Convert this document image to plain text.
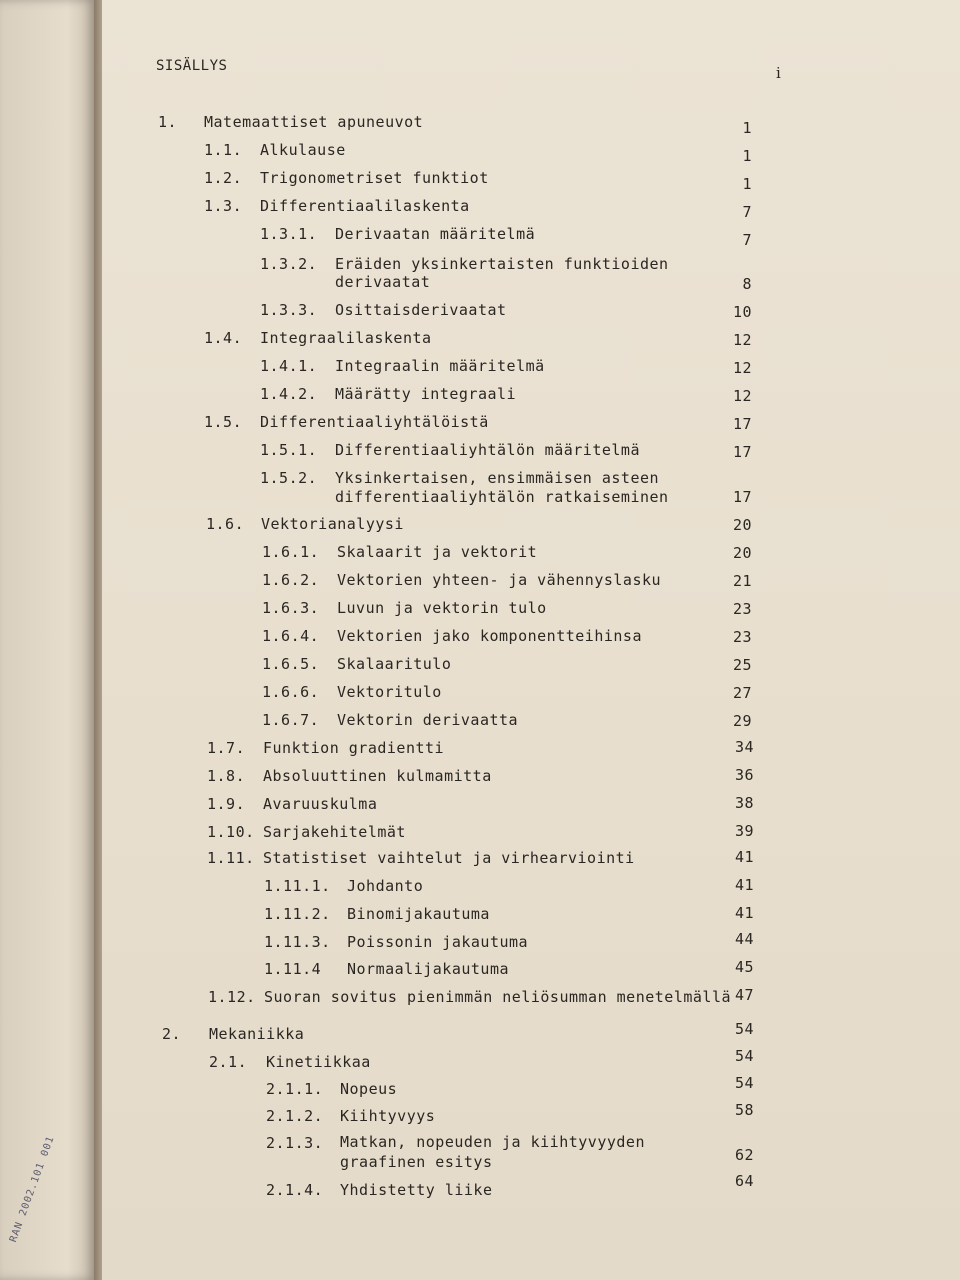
RAN 2002.101 001
SISÄLLYS	i
1. Matemaattiset apuneuvot	1
1.1. Alkulause	1
1.2. Trigonometriset funktiot	1
1.3. Differentiaalilaskenta	7
1.3.1. Derivaatan määritelmä	7
1.3.2. Eräiden yksinkertaisten funktioiden
derivaatat	8
1.3.3. Osittaisderivaatat	10
1.4. Integraalilaskenta	12
1.4.1. Integraalin määritelmä	12
1.4.2. Määrätty integraali	12
1.5. Differentiaaliyhtälöistä	17
1.5.1. Differentiaaliyhtälön määritelmä	17
1.5.2. Yksinkertaisen, ensimmäisen asteen
differentiaaliyhtälön ratkaiseminen	17
1.6. Vektorianalyysi	20
1.6.1. Skalaarit ja vektorit	20
1.6.2. Vektorien yhteen- ja vähennyslasku	21
1.6.3. Luvun ja vektorin tulo	23
1.6.4. Vektorien jako komponentteihinsa	23
1.6.5. Skalaaritulo	25
1.6.6. Vektoritulo	27
1.6.7. Vektorin derivaatta	29
1.7. Funktion gradientti	34
1.8. Absoluuttinen kulmamitta	36
1.9. Avaruuskulma	38
1.10. Sarjakehitelmät	39
1.11. Statistiset vaihtelut ja virhearviointi	41
1.11.1. Johdanto	41
1.11.2. Binomijakautuma	41
1.11.3. Poissonin jakautuma	44
1.11.4 Normaalijakautuma	45
1.12. Suoran sovitus pienimmän neliösumman menetelmällä 47
2. Mekaniikka	54
2.1. Kinetiikkaa	54
2.1.1. Nopeus	54
2.1.2. Kiihtyvyys	58
2.1.3. Matkan, nopeuden ja kiihtyvyyden
graafinen esitys	62
2.1.4. Yhdistetty liike	64
